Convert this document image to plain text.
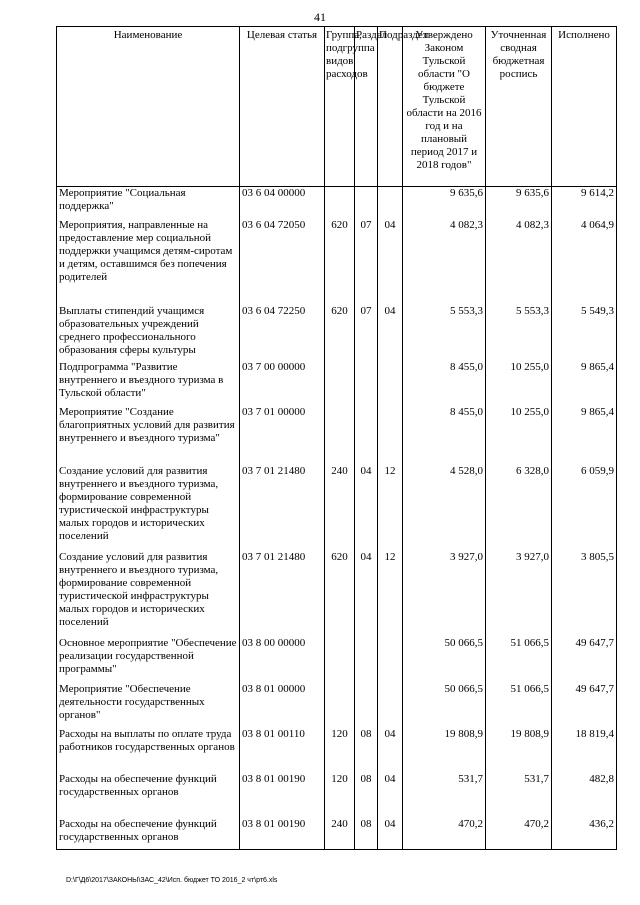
41
Наименование	Целевая статья	Группа, подгруппа видов расходов	Раздел	Подраздел	Утверждено Законом Тульской области "О бюджете Тульской области на 2016 год и на плановый период 2017 и 2018 годов"	Уточненная сводная бюджетная роспись	Исполнено
Мероприятие "Социальная поддержка"	03 6 04 00000				9 635,6	9 635,6	9 614,2
Мероприятия, направленные на предоставление мер социальной поддержки учащимся детям-сиротам и детям, оставшимся без попечения родителей	03 6 04 72050	620	07	04	4 082,3	4 082,3	4 064,9
Выплаты стипендий учащимся образовательных учреждений среднего профессионального образования сферы культуры	03 6 04 72250	620	07	04	5 553,3	5 553,3	5 549,3
Подпрограмма "Развитие внутреннего и въездного туризма в Тульской области"	03 7 00 00000				8 455,0	10 255,0	9 865,4
Мероприятие "Создание благоприятных условий для развития внутреннего и въездного туризма"	03 7 01 00000				8 455,0	10 255,0	9 865,4
Создание условий для развития внутреннего и въездного туризма, формирование современной туристической инфраструктуры малых городов и исторических поселений	03 7 01 21480	240	04	12	4 528,0	6 328,0	6 059,9
Создание условий для развития внутреннего и въездного туризма, формирование современной туристической инфраструктуры малых городов и исторических поселений	03 7 01 21480	620	04	12	3 927,0	3 927,0	3 805,5
Основное мероприятие "Обеспечение реализации государственной программы"	03 8 00 00000				50 066,5	51 066,5	49 647,7
Мероприятие "Обеспечение деятельности государственных органов"	03 8 01 00000				50 066,5	51 066,5	49 647,7
Расходы на выплаты по оплате труда работников государственных органов	03 8 01 00110	120	08	04	19 808,9	19 808,9	18 819,4
Расходы на обеспечение функций государственных органов	03 8 01 00190	120	08	04	531,7	531,7	482,8
Расходы на обеспечение функций государственных органов	03 8 01 00190	240	08	04	470,2	470,2	436,2
D:\Г\Д6\2017\ЗАКОНЫ\ЗАС_42\Исп. бюджет ТО 2016_2 чт\рт6.xls
